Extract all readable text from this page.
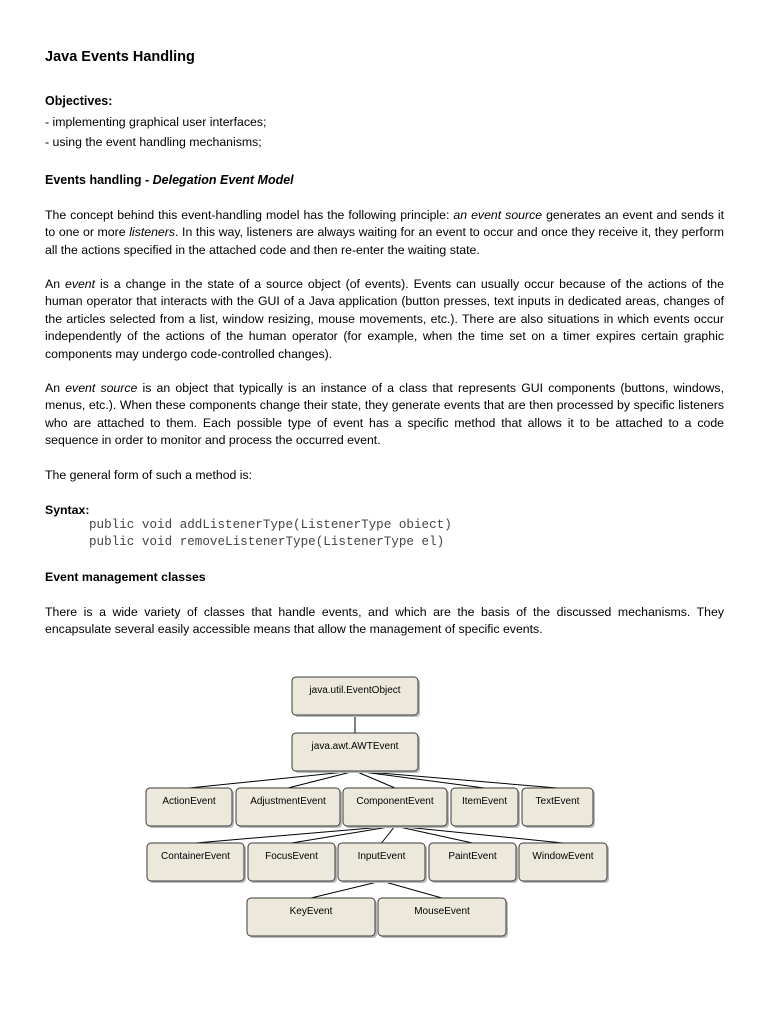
Java Events Handling
Objectives:
- implementing graphical user interfaces;
- using the event handling mechanisms;
Events handling - Delegation Event Model

The concept behind this event-handling model has the following principle: an event source generates an event and sends it to one or more listeners. In this way, listeners are always waiting for an event to occur and once they receive it, they perform all the actions specified in the attached code and then re-enter the waiting state.

An event is a change in the state of a source object (of events). Events can usually occur because of the actions of the human operator that interacts with the GUI of a Java application (button presses, text inputs in dedicated areas, changes of the articles selected from a list, window resizing, mouse movements, etc.). There are also situations in which events occur independently of the actions of the human operator (for example, when the time set on a timer expires certain graphic components may undergo code-controlled changes).

An event source is an object that typically is an instance of a class that represents GUI components (buttons, windows, menus, etc.). When these components change their state, they generate events that are then processed by specific listeners who are attached to them. Each possible type of event has a specific method that allows it to be attached to a code sequence in order to monitor and process the occurred event.

The general form of such a method is:

Syntax:
public void addListenerType(ListenerType obiect)
public void removeListenerType(ListenerType el)
Event management classes

There is a wide variety of classes that handle events, and which are the basis of the discussed mechanisms. They encapsulate several easily accessible means that allow the management of specific events.

java.util.EventObject
java.awt.AWTEvent
ActionEvent	AdjustmentEvent	ComponentEvent	ItemEvent	TextEvent
ContainerEvent	FocusEvent	InputEvent	PaintEvent	WindowEvent
KeyEvent	MouseEvent
